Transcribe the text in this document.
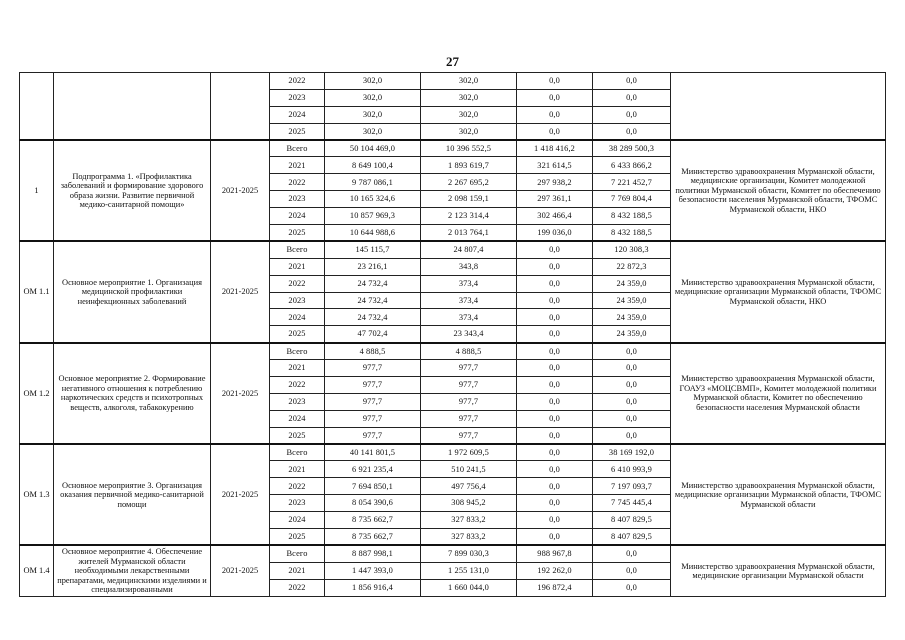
27
			2022	302,0	302,0	0,0	0,0	
			2023	302,0	302,0	0,0	0,0	
			2024	302,0	302,0	0,0	0,0	
			2025	302,0	302,0	0,0	0,0	
1	Подпрограмма 1. «Профилактика заболеваний и формирование здорового образа жизни. Развитие первичной медико-санитарной помощи»	2021-2025	Всего	50 104 469,0	10 396 552,5	1 418 416,2	38 289 500,3	Министерство здравоохранения Мурманской области, медицинские организации, Комитет молодежной политики Мурманской области, Комитет по обеспечению безопасности населения Мурманской области, ТФОМС Мурманской области, НКО
			2021	8 649 100,4	1 893 619,7	321 614,5	6 433 866,2	
			2022	9 787 086,1	2 267 695,2	297 938,2	7 221 452,7	
			2023	10 165 324,6	2 098 159,1	297 361,1	7 769 804,4	
			2024	10 857 969,3	2 123 314,4	302 466,4	8 432 188,5	
			2025	10 644 988,6	2 013 764,1	199 036,0	8 432 188,5	
ОМ 1.1	Основное мероприятие 1. Организация медицинской профилактики неинфекционных заболеваний	2021-2025	Всего	145 115,7	24 807,4	0,0	120 308,3	Министерство здравоохранения Мурманской области, медицинские организации Мурманской области, ТФОМС Мурманской области, НКО
			2021	23 216,1	343,8	0,0	22 872,3	
			2022	24 732,4	373,4	0,0	24 359,0	
			2023	24 732,4	373,4	0,0	24 359,0	
			2024	24 732,4	373,4	0,0	24 359,0	
			2025	47 702,4	23 343,4	0,0	24 359,0	
ОМ 1.2	Основное мероприятие 2. Формирование негативного отношения к потреблению наркотических средств и психотропных веществ, алкоголя, табакокурению	2021-2025	Всего	4 888,5	4 888,5	0,0	0,0	Министерство здравоохранения Мурманской области, ГОАУЗ «МОЦСВМП», Комитет молодежной политики Мурманской области, Комитет по обеспечению безопасности населения Мурманской области
			2021	977,7	977,7	0,0	0,0	
			2022	977,7	977,7	0,0	0,0	
			2023	977,7	977,7	0,0	0,0	
			2024	977,7	977,7	0,0	0,0	
			2025	977,7	977,7	0,0	0,0	
ОМ 1.3	Основное мероприятие 3. Организация оказания первичной медико-санитарной помощи	2021-2025	Всего	40 141 801,5	1 972 609,5	0,0	38 169 192,0	Министерство здравоохранения Мурманской области, медицинские организации Мурманской области, ТФОМС Мурманской области
			2021	6 921 235,4	510 241,5	0,0	6 410 993,9	
			2022	7 694 850,1	497 756,4	0,0	7 197 093,7	
			2023	8 054 390,6	308 945,2	0,0	7 745 445,4	
			2024	8 735 662,7	327 833,2	0,0	8 407 829,5	
			2025	8 735 662,7	327 833,2	0,0	8 407 829,5	
ОМ 1.4	Основное мероприятие 4. Обеспечение жителей Мурманской области необходимыми лекарственными препаратами, медицинскими изделиями и специализированными	2021-2025	Всего	8 887 998,1	7 899 030,3	988 967,8	0,0	Министерство здравоохранения Мурманской области, медицинские организации Мурманской области
			2021	1 447 393,0	1 255 131,0	192 262,0	0,0	
			2022	1 856 916,4	1 660 044,0	196 872,4	0,0	
